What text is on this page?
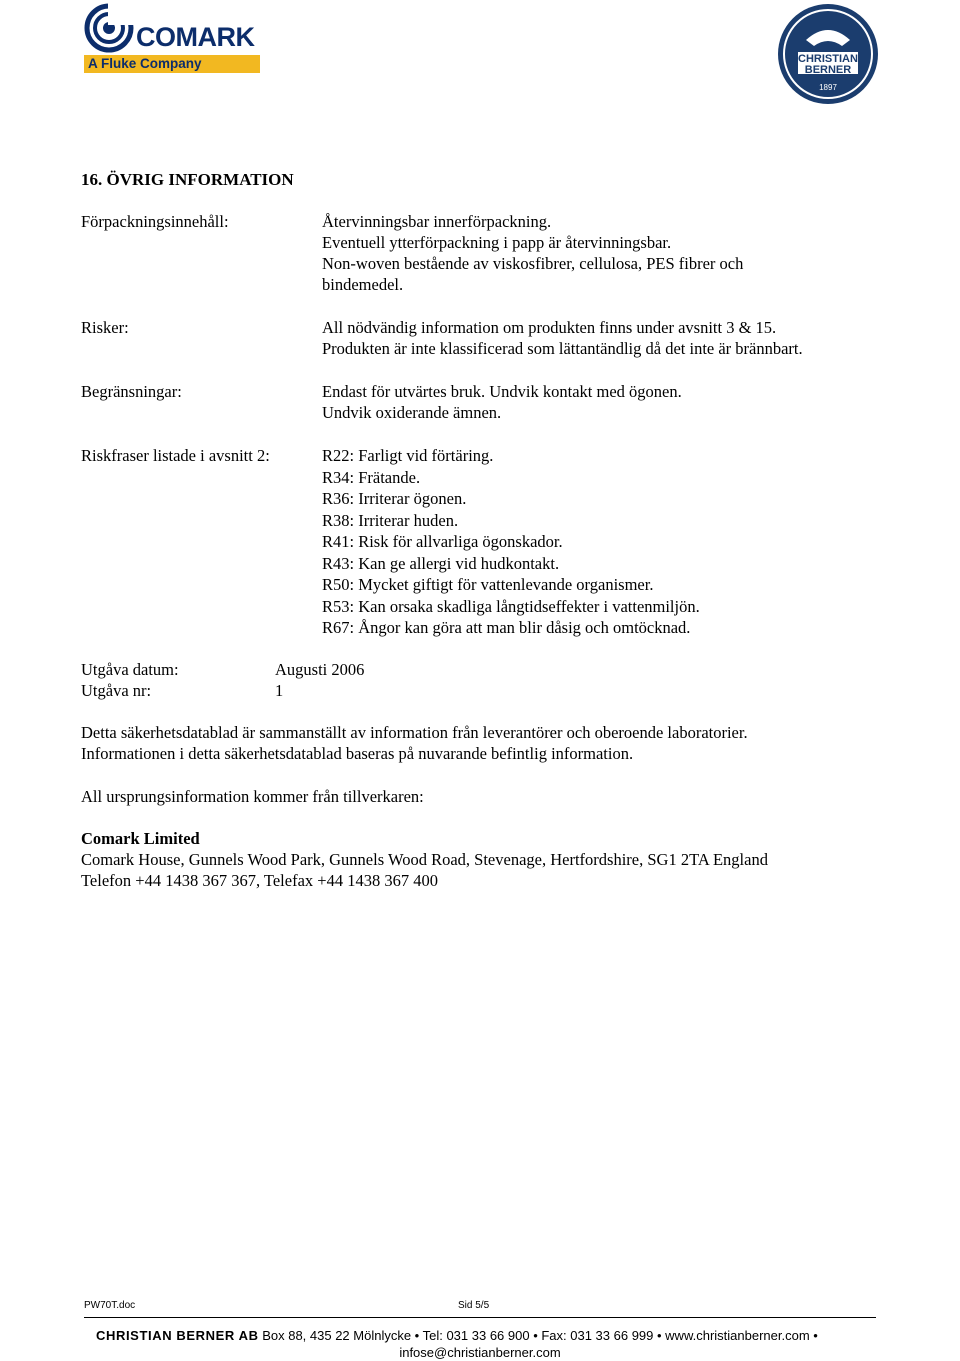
COMARK
A Fluke Company	CHRISTIAN
BERNER
1897
16. ÖVRIG INFORMATION
Förpackningsinnehåll:	Återvinningsbar innerförpackning.
Eventuell ytterförpackning i papp är återvinningsbar.
Non-woven bestående av viskosfibrer, cellulosa, PES fibrer och
bindemedel.
Risker:	All nödvändig information om produkten finns under avsnitt 3 & 15.
Produkten är inte klassificerad som lättantändlig då det inte är brännbart.
Begränsningar:	Endast för utvärtes bruk. Undvik kontakt med ögonen.
Undvik oxiderande ämnen.
Riskfraser listade i avsnitt 2:	R22: Farligt vid förtäring.
R34: Frätande.
R36: Irriterar ögonen.
R38: Irriterar huden.
R41: Risk för allvarliga ögonskador.
R43: Kan ge allergi vid hudkontakt.
R50: Mycket giftigt för vattenlevande organismer.
R53: Kan orsaka skadliga långtidseffekter i vattenmiljön.
R67: Ångor kan göra att man blir dåsig och omtöcknad.
Utgåva datum:	Augusti 2006
Utgåva nr:	1
Detta säkerhetsdatablad är sammanställt av information från leverantörer och oberoende laboratorier.
Informationen i detta säkerhetsdatablad baseras på nuvarande befintlig information.
All ursprungsinformation kommer från tillverkaren:
Comark Limited
Comark House, Gunnels Wood Park, Gunnels Wood Road, Stevenage, Hertfordshire, SG1 2TA England
Telefon +44 1438 367 367, Telefax +44 1438 367 400
PW70T.doc	Sid 5/5
CHRISTIAN BERNER AB Box 88, 435 22 Mölnlycke • Tel: 031 33 66 900 • Fax: 031 33 66 999 • www.christianberner.com •
infose@christianberner.com
